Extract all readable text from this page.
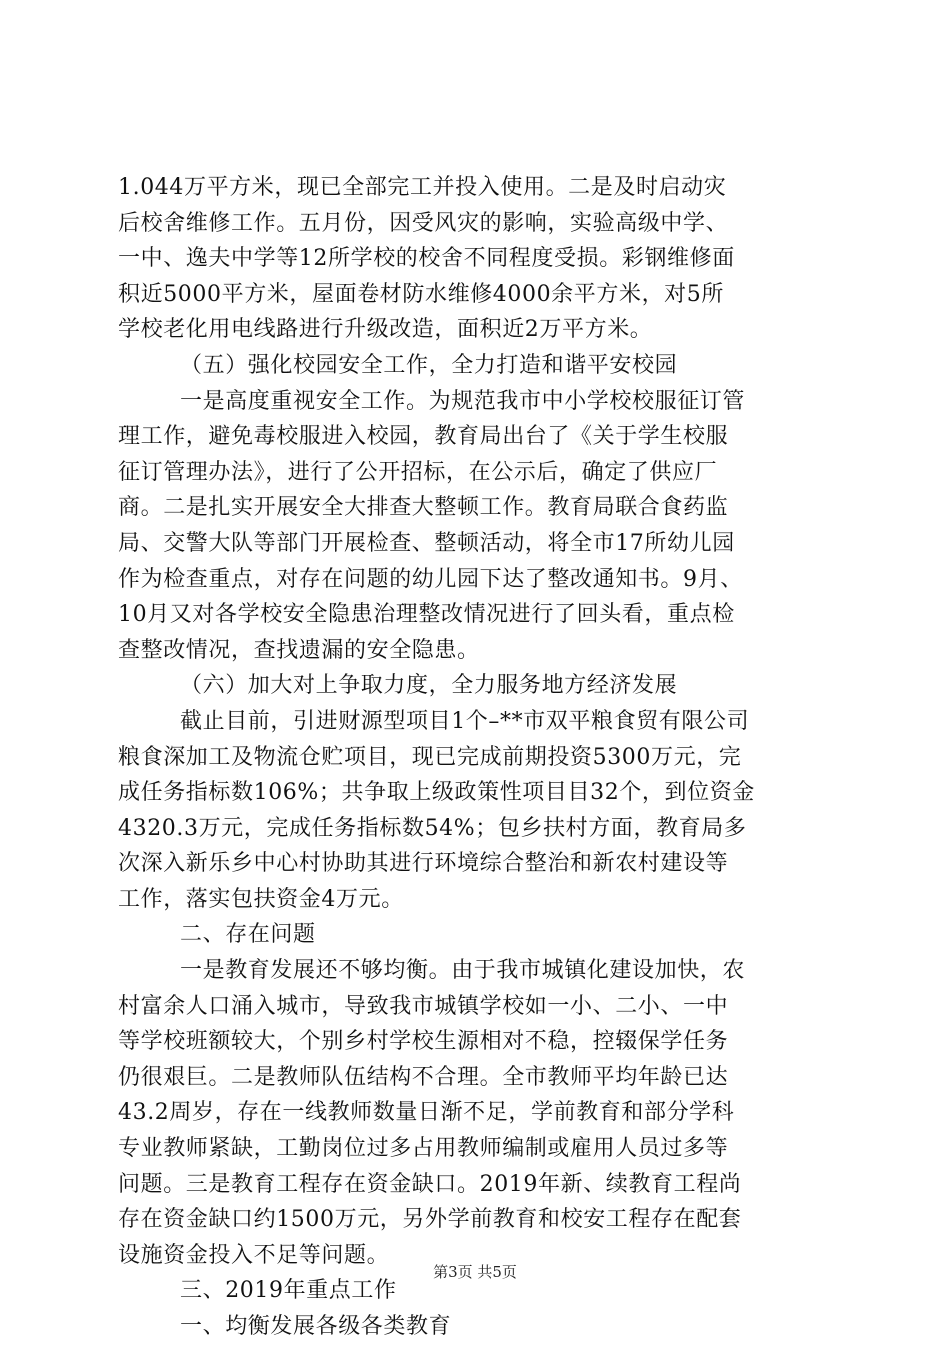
1.044万平方米，现已全部完工并投入使用。二是及时启动灾
后校舍维修工作。五月份，因受风灾的影响，实验高级中学、
一中、逸夫中学等12所学校的校舍不同程度受损。彩钢维修面
积近5000平方米，屋面卷材防水维修4000余平方米，对5所
学校老化用电线路进行升级改造，面积近2万平方米。
（五）强化校园安全工作，全力打造和谐平安校园
一是高度重视安全工作。为规范我市中小学校校服征订管
理工作，避免毒校服进入校园，教育局出台了《关于学生校服
征订管理办法》，进行了公开招标，在公示后，确定了供应厂
商。二是扎实开展安全大排查大整顿工作。教育局联合食药监
局、交警大队等部门开展检查、整顿活动，将全市17所幼儿园
作为检查重点，对存在问题的幼儿园下达了整改通知书。9月、
10月又对各学校安全隐患治理整改情况进行了回头看，重点检
查整改情况，查找遗漏的安全隐患。
（六）加大对上争取力度，全力服务地方经济发展
截止目前，引进财源型项目1个–**市双平粮食贸有限公司
粮食深加工及物流仓贮项目，现已完成前期投资5300万元，完
成任务指标数106%；共争取上级政策性项目目32个，到位资金
4320.3万元，完成任务指标数54%；包乡扶村方面，教育局多
次深入新乐乡中心村协助其进行环境综合整治和新农村建设等
工作，落实包扶资金4万元。
二、存在问题
一是教育发展还不够均衡。由于我市城镇化建设加快，农
村富余人口涌入城市，导致我市城镇学校如一小、二小、一中
等学校班额较大，个别乡村学校生源相对不稳，控辍保学任务
仍很艰巨。二是教师队伍结构不合理。全市教师平均年龄已达
43.2周岁，存在一线教师数量日渐不足，学前教育和部分学科
专业教师紧缺，工勤岗位过多占用教师编制或雇用人员过多等
问题。三是教育工程存在资金缺口。2019年新、续教育工程尚
存在资金缺口约1500万元，另外学前教育和校安工程存在配套
设施资金投入不足等问题。
三、2019年重点工作
一、均衡发展各级各类教育
第3页 共5页
